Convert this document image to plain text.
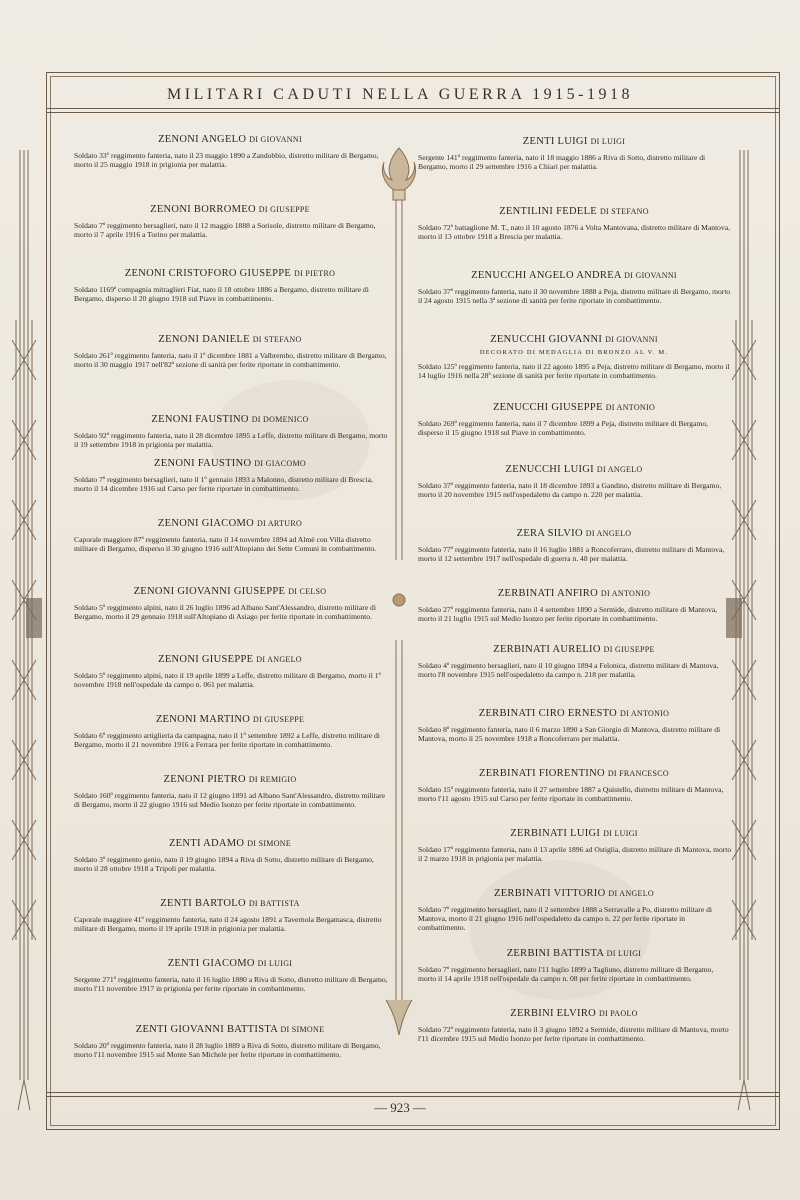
MILITARI CADUTI NELLA GUERRA 1915-1918
ZENONI ANGELO DI GIOVANNI
Soldato 33º reggimento fanteria, nato il 23 maggio 1890 a Zandobbio, distretto militare di Bergamo, morto il 25 maggio 1918 in prigionia per malattia.
ZENONI BORROMEO DI GIUSEPPE
Soldato 7º reggimento bersaglieri, nato il 12 maggio 1888 a Sorisole, distretto militare di Bergamo, morto il 7 aprile 1916 a Torino per malattia.
ZENONI CRISTOFORO GIUSEPPE DI PIETRO
Soldato 1169ª compagnia mitraglieri Fiat, nato il 18 ottobre 1886 a Bergamo, distretto militare di Bergamo, disperso il 20 giugno 1918 sul Piave in combattimento.
ZENONI DANIELE DI STEFANO
Soldato 261º reggimento fanteria, nato il 1º dicembre 1881 a Valbrembo, distretto militare di Bergamo, morto il 30 maggio 1917 nell'82ª sezione di sanità per ferite riportate in combattimento.
ZENONI FAUSTINO DI DOMENICO
Soldato 92º reggimento fanteria, nato il 28 dicembre 1895 a Leffe, distretto militare di Bergamo, morto il 19 settembre 1918 in prigionia per malattia.
ZENONI FAUSTINO DI GIACOMO
Soldato 7º reggimento bersaglieri, nato il 1º gennaio 1893 a Malonno, distretto militare di Brescia, morto il 14 dicembre 1916 sul Carso per ferite riportate in combattimento.
ZENONI GIACOMO DI ARTURO
Caporale maggiore 87º reggimento fanteria, nato il 14 novembre 1894 ad Almè con Villa distretto militare di Bergamo, disperso il 30 giugno 1916 sull'Altopiano dei Sette Comuni in combattimento.
ZENONI GIOVANNI GIUSEPPE DI CELSO
Soldato 5º reggimento alpini, nato il 26 luglio 1896 ad Albano Sant'Alessandro, distretto militare di Bergamo, morto il 29 gennaio 1918 sull'Altopiano di Asiago per ferite riportate in combattimento.
ZENONI GIUSEPPE DI ANGELO
Soldato 5º reggimento alpini, nato il 19 aprile 1899 a Leffe, distretto militare di Bergamo, morto il 1º novembre 1918 nell'ospedale da campo n. 061 per malattia.
ZENONI MARTINO DI GIUSEPPE
Soldato 6º reggimento artiglieria da campagna, nato il 1º settembre 1892 a Leffe, distretto militare di Bergamo, morto il 21 novembre 1916 a Ferrara per ferite riportate in combattimento.
ZENONI PIETRO DI REMIGIO
Soldato 160º reggimento fanteria, nato il 12 giugno 1891 ad Albano Sant'Alessandro, distretto militare di Bergamo, morto il 22 giugno 1916 sul Medio Isonzo per ferite riportate in combattimento.
ZENTI ADAMO DI SIMONE
Soldato 3º reggimento genio, nato il 19 giugno 1894 a Riva di Sotto, distretto militare di Bergamo, morto il 28 ottobre 1918 a Tripoli per malattia.
ZENTI BARTOLO DI BATTISTA
Caporale maggiore 41º reggimento fanteria, nato il 24 agosto 1891 a Tavernola Bergamasca, distretto militare di Bergamo, morto il 19 aprile 1918 in prigionia per malattia.
ZENTI GIACOMO DI LUIGI
Sergente 271º reggimento fanteria, nato il 16 luglio 1880 a Riva di Sotto, distretto militare di Bergamo, morto l'11 novembre 1917 in prigionia per ferite riportate in combattimento.
ZENTI GIOVANNI BATTISTA DI SIMONE
Soldato 20º reggimento fanteria, nato il 28 luglio 1889 a Riva di Sotto, distretto militare di Bergamo, morto l'11 novembre 1915 sul Monte San Michele per ferite riportate in combattimento.
ZENTI LUIGI DI LUIGI
Sergente 141º reggimento fanteria, nato il 18 maggio 1886 a Riva di Sotto, distretto militare di Bergamo, morto il 29 settembre 1916 a Chiari per malattia.
ZENTILINI FEDELE DI STEFANO
Soldato 72º battaglione M. T., nato il 10 agosto 1876 a Volta Mantovana, distretto militare di Mantova, morto il 13 ottobre 1918 a Brescia per malattia.
ZENUCCHI ANGELO ANDREA DI GIOVANNI
Soldato 37º reggimento fanteria, nato il 30 novembre 1888 a Peja, distretto militare di Bergamo, morto il 24 agosto 1915 nella 3ª sezione di sanità per ferite riportate in combattimento.
ZENUCCHI GIOVANNI DI GIOVANNI
DECORATO DI MEDAGLIA DI BRONZO AL V. M.
Soldato 125º reggimento fanteria, nato il 22 agosto 1895 a Peja, distretto militare di Bergamo, morto il 14 luglio 1916 nella 28ª sezione di sanità per ferite riportate in combattimento.
ZENUCCHI GIUSEPPE DI ANTONIO
Soldato 269º reggimento fanteria, nato il 7 dicembre 1899 a Peja, distretto militare di Bergamo, disperso il 15 giugno 1918 sul Piave in combattimento.
ZENUCCHI LUIGI DI ANGELO
Soldato 37º reggimento fanteria, nato il 18 dicembre 1893 a Gandino, distretto militare di Bergamo, morto il 20 novembre 1915 nell'ospedaletto da campo n. 220 per malattia.
ZERA SILVIO DI ANGELO
Soldato 77º reggimento fanteria, nato il 16 luglio 1881 a Roncoferraro, distretto militare di Mantova, morto il 12 settembre 1917 nell'ospedale di guerra n. 48 per malattia.
ZERBINATI ANFIRO DI ANTONIO
Soldato 27º reggimento fanteria, nato il 4 settembre 1890 a Sermide, distretto militare di Mantova, morto il 21 luglio 1915 sul Medio Isonzo per ferite riportate in combattimento.
ZERBINATI AURELIO DI GIUSEPPE
Soldato 4º reggimento bersaglieri, nato il 10 giugno 1894 a Felonica, distretto militare di Mantova, morto l'8 novembre 1915 nell'ospedaletto da campo n. 218 per malattia.
ZERBINATI CIRO ERNESTO DI ANTONIO
Soldato 8º reggimento fanteria, nato il 6 marzo 1890 a San Giorgio di Mantova, distretto militare di Mantova, morto il 25 novembre 1918 a Roncoferraro per malattia.
ZERBINATI FIORENTINO DI FRANCESCO
Soldato 15º reggimento fanteria, nato il 27 settembre 1887 a Quistello, distretto militare di Mantova, morto l'11 agosto 1915 sul Carso per ferite riportate in combattimento.
ZERBINATI LUIGI DI LUIGI
Soldato 17º reggimento fanteria, nato il 13 aprile 1896 ad Ostiglia, distretto militare di Mantova, morto il 2 marzo 1918 in prigionia per malattia.
ZERBINATI VITTORIO DI ANGELO
Soldato 7º reggimento bersaglieri, nato il 2 settembre 1888 a Serravalle a Po, distretto militare di Mantova, morto il 21 giugno 1916 nell'ospedaletto da campo n. 22 per ferite riportate in combattimento.
ZERBINI BATTISTA DI LUIGI
Soldato 7º reggimento bersaglieri, nato l'11 luglio 1899 a Tagliuno, distretto militare di Bergamo, morto il 14 aprile 1918 nell'ospedale da campo n. 08 per ferite riportate in combattimento.
ZERBINI ELVIRO DI PAOLO
Soldato 72º reggimento fanteria, nato il 3 giugno 1892 a Sermide, distretto militare di Mantova, morto l'11 dicembre 1915 sul Medio Isonzo per ferite riportate in combattimento.
— 923 —
